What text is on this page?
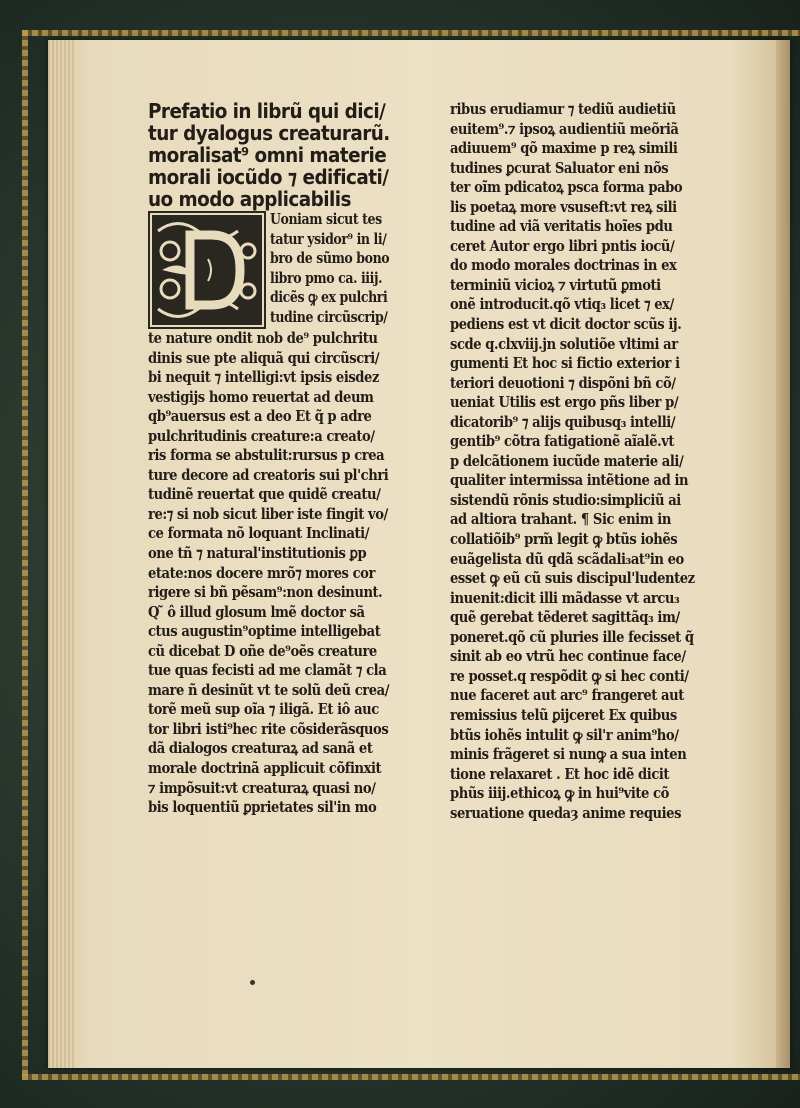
Prefatio in librũ qui dici∕
tur dyalogus creaturarũ.
moralisat⁹ omni materie
morali iocũdo ⁊ edificati∕
uo modo applicabilis
Uoniam sicut tes
tatur ysidor⁹ in li∕
bro de sũmo bono
libro pmo ca. iiij.
dicẽs ꝙ ex pulchri
tudine circũscrip∕
te nature ondit nob de⁹ pulchritu
dinis sue pte aliquã qui circũscri∕
bi nequit ⁊ intelligi:vt ipsis eisdez
vestigijs homo reuertat ad deum
qb⁹auersus est a deo Et q̃ p adre
pulchritudinis creature:a creato∕
ris forma se abstulit:rursus p crea
ture decore ad creatoris sui pl'chri
tudinẽ reuertat que quidẽ creatu∕
re:⁊ si nob sicut liber iste fingit vo∕
ce formata nõ loquant Inclinati∕
one tñ ⁊ natural'institutionis ꝑp
etate:nos docere mrõ⁊ mores cor
rigere si bñ pẽsam⁹:non desinunt.
Q ̃ ô illud glosum lmẽ doctor sã
ctus augustin⁹optime intelligebat
cũ dicebat D oñe de⁹oẽs creature
tue quas fecisti ad me clamãt ⁊ cla
mare ñ desinũt vt te solũ deũ crea∕
torẽ meũ sup oĩa ⁊ iligã. Et iô auc
tor libri isti⁹hec rite cõsiderãsquos
dã dialogos creaturaꝝ ad sanã et
morale doctrinã applicuit cõfinxit
⁊ impõsuit:vt creaturaꝝ quasi no∕
bis loquentiũ ꝑprietates sil'in mo
ribus erudiamur ⁊ tediũ audietiũ
euitem⁹.⁊ ipsoꝝ audientiũ meõriã
adiuuem⁹ qõ maxime p reꝝ simili
tudines ꝑcurat Saluator eni nõs
ter oĩm pdicatoꝝ psca forma pabo
lis poetaꝝ more vsuseft:vt reꝝ sili
tudine ad viã veritatis hoĩes pdu
ceret Autor ergo libri pntis iocũ∕
do modo morales doctrinas in ex
terminiũ vicioꝝ ⁊ virtutũ ꝑmoti
onẽ introducit.qõ vtiq₃ licet ⁊ ex∕
pediens est vt dicit doctor scũs ij.
scde q.clxviij.jn solutiõe vltimi ar
gumenti Et hoc si fictio exterior i
teriori deuotioni ⁊ dispõni bñ cõ∕
ueniat Utilis est ergo pñs liber p∕
dicatorib⁹ ⁊ alijs quibusq₃ intelli∕
gentib⁹ cõtra fatigationẽ aĩalẽ.vt
p delcãtionem iucũde materie ali∕
qualiter intermissa intẽtione ad in
sistendũ rõnis studio:simpliciũ ai
ad altiora trahant. ¶ Sic enim in
collatiõib⁹ prm̃ legit ꝙ btũs iohẽs
euãgelista dũ qdã scãdali₃at⁹in eo
esset ꝙ eũ cũ suis discipul'ludentez
inuenit:dicit illi mãdasse vt arcu₃
quẽ gerebat tẽderet sagittãq₃ im∕
poneret.qõ cũ pluries ille fecisset q̃
sinit ab eo vtrũ hec continue face∕
re posset.q respõdit ꝙ si hec conti∕
nue faceret aut arc⁹ frangeret aut
remissius telũ ꝑijceret Ex quibus
btũs iohẽs intulit ꝙ sil'r anim⁹ho∕
minis frãgeret si nunꝙ a sua inten
tione relaxaret . Et hoc idẽ dicit
phũs iiij.ethicoꝝ ꝙ in hui⁹vite cõ
seruatione quedaȝ anime requies
